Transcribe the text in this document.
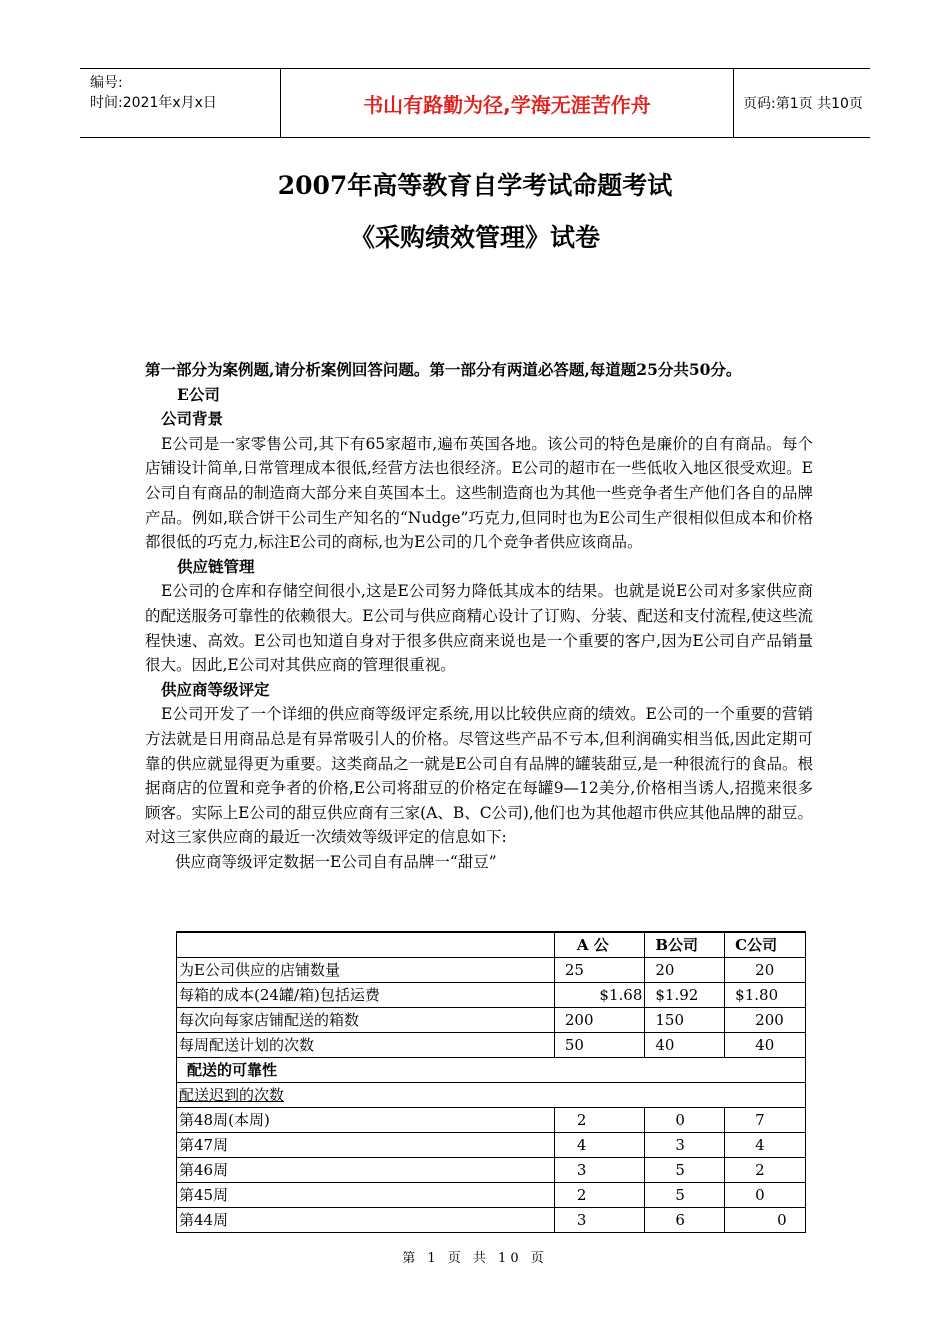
编号:
时间:2021年x月x日	书山有路勤为径,学海无涯苦作舟	页码:第1页 共10页
2007年高等教育自学考试命题考试
《采购绩效管理》试卷

第一部分为案例题,请分析案例回答问题。第一部分有两道必答题,每道题25分共50分。

E公司

公司背景

E公司是一家零售公司,其下有65家超市,遍布英国各地。该公司的特色是廉价的自有商品。每个店铺设计简单,日常管理成本很低,经营方法也很经济。E公司的超市在一些低收入地区很受欢迎。E公司自有商品的制造商大部分来自英国本土。这些制造商也为其他一些竞争者生产他们各自的品牌产品。例如,联合饼干公司生产知名的“Nudge”巧克力,但同时也为E公司生产很相似但成本和价格都很低的巧克力,标注E公司的商标,也为E公司的几个竞争者供应该商品。

供应链管理

E公司的仓库和存储空间很小,这是E公司努力降低其成本的结果。也就是说E公司对多家供应商的配送服务可靠性的依赖很大。E公司与供应商精心设计了订购、分装、配送和支付流程,使这些流程快速、高效。E公司也知道自身对于很多供应商来说也是一个重要的客户,因为E公司自产品销量很大。因此,E公司对其供应商的管理很重视。

供应商等级评定

E公司开发了一个详细的供应商等级评定系统,用以比较供应商的绩效。E公司的一个重要的营销方法就是日用商品总是有异常吸引人的价格。尽管这些产品不亏本,但利润确实相当低,因此定期可靠的供应就显得更为重要。这类商品之一就是E公司自有品牌的罐装甜豆,是一种很流行的食品。根据商店的位置和竞争者的价格,E公司将甜豆的价格定在每罐9—12美分,价格相当诱人,招揽来很多顾客。实际上E公司的甜豆供应商有三家(A、B、C公司),他们也为其他超市供应其他品牌的甜豆。对这三家供应商的最近一次绩效等级评定的信息如下:

供应商等级评定数据一E公司自有品牌一“甜豆”

	A 公	B公司	C公司
为E公司供应的店铺数量	25	20	20
每箱的成本(24罐/箱)包括运费	$1.68	$1.92	$1.80
每次向每家店铺配送的箱数	200	150	200
每周配送计划的次数	50	40	40
配送的可靠性			
配送迟到的次数			
第48周(本周)	2	0	7
第47周	4	3	4
第46周	3	5	2
第45周	2	5	0
第44周	3	6	0
第 1 页 共 10 页
